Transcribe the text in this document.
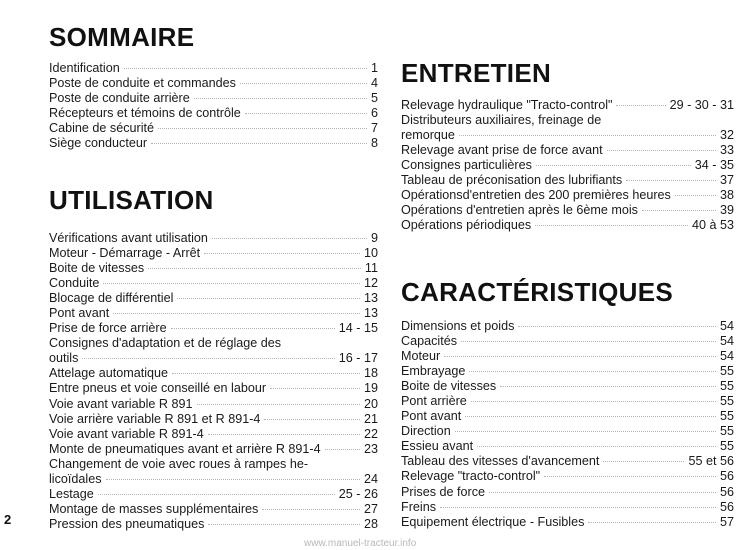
SOMMAIRE
Identification	1
Poste de conduite et commandes	4
Poste de conduite arrière	5
Récepteurs et témoins de contrôle	6
Cabine de sécurité	7
Siège conducteur	8
UTILISATION
Vérifications avant utilisation	9
Moteur - Démarrage - Arrêt	10
Boite de vitesses	11
Conduite	12
Blocage de différentiel	13
Pont avant	13
Prise de force arrière	14 - 15
Consignes d'adaptation et de réglage des
outils	16 - 17
Attelage automatique	18
Entre pneus et voie conseillé en labour	19
Voie avant variable R 891	20
Voie arrière variable R 891 et R 891-4	21
Voie avant variable R 891-4	22
Monte de pneumatiques avant et arrière R 891-4	23
Changement de voie avec roues à rampes he-
licoïdales	24
Lestage	25 - 26
Montage de masses supplémentaires	27
Pression des pneumatiques	28
ENTRETIEN
Relevage hydraulique "Tracto-control"	29 - 30 - 31
Distributeurs auxiliaires, freinage de
remorque	32
Relevage avant prise de force avant	33
Consignes particulières	34 - 35
Tableau de préconisation des lubrifiants	37
Opérationsd'entretien des 200 premières heures	38
Opérations d'entretien après le 6ème mois	39
Opérations périodiques	40 à 53
CARACTÉRISTIQUES
Dimensions et poids	54
Capacités	54
Moteur	54
Embrayage	55
Boite de vitesses	55
Pont arrière	55
Pont avant	55
Direction	55
Essieu avant	55
Tableau des vitesses d'avancement	55 et 56
Relevage "tracto-control"	56
Prises de force	56
Freins	56
Equipement électrique - Fusibles	57
2
www.manuel-tracteur.info
